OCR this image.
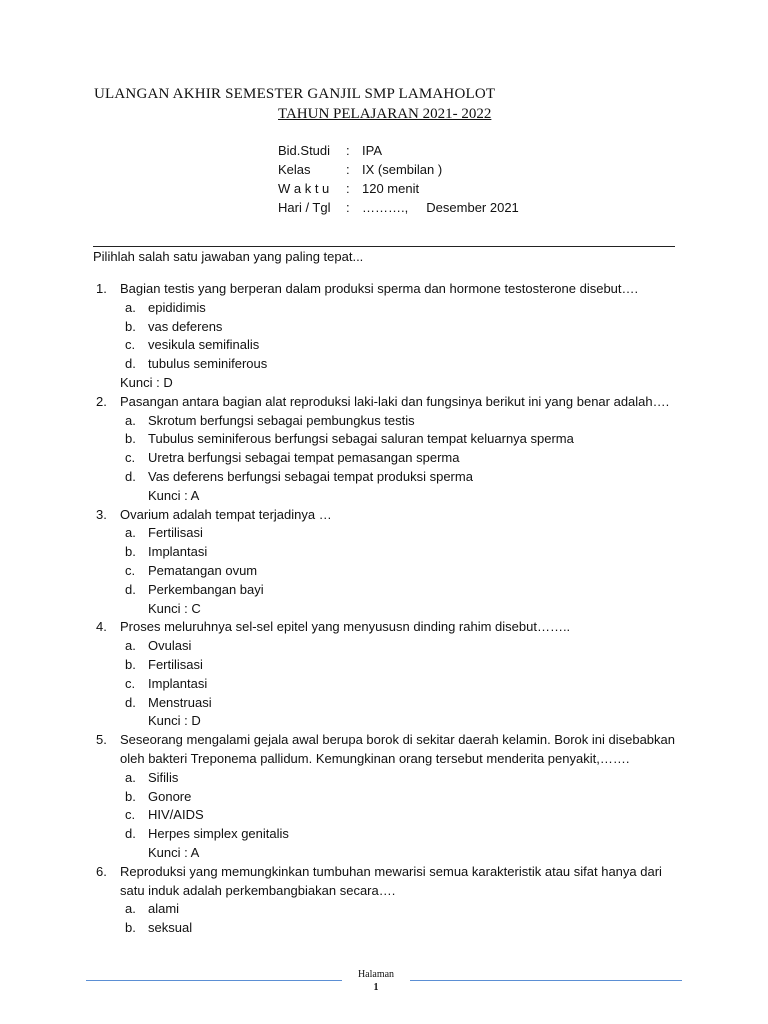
ULANGAN AKHIR SEMESTER GANJIL SMP LAMAHOLOT
TAHUN PELAJARAN 2021- 2022
Bid.Studi	: IPA
Kelas	: IX (sembilan )
W a k t u	: 120 menit
Hari / Tgl	: ……….,     Desember 2021
Pilihlah salah satu jawaban yang paling tepat...
1. Bagian testis yang berperan dalam produksi sperma dan hormone testosterone disebut….
a. epididimis
b. vas deferens
c. vesikula semifinalis
d. tubulus seminiferous
Kunci : D
2. Pasangan antara bagian alat reproduksi laki-laki dan fungsinya berikut ini yang benar adalah….
a. Skrotum berfungsi sebagai pembungkus testis
b. Tubulus seminiferous berfungsi sebagai saluran tempat keluarnya sperma
c. Uretra berfungsi sebagai tempat pemasangan sperma
d. Vas deferens berfungsi sebagai tempat produksi sperma
Kunci : A
3. Ovarium adalah tempat terjadinya …
a. Fertilisasi
b. Implantasi
c. Pematangan ovum
d. Perkembangan bayi
Kunci : C
4. Proses meluruhnya sel-sel epitel yang menyususn dinding rahim disebut……..
a. Ovulasi
b. Fertilisasi
c. Implantasi
d. Menstruasi
Kunci : D
5. Seseorang mengalami gejala awal berupa borok di sekitar daerah kelamin. Borok ini disebabkan oleh bakteri Treponema pallidum. Kemungkinan orang tersebut menderita penyakit,…….
a. Sifilis
b. Gonore
c. HIV/AIDS
d. Herpes simplex genitalis
Kunci : A
6. Reproduksi yang memungkinkan tumbuhan mewarisi semua karakteristik atau sifat hanya dari satu induk adalah perkembangbiakan secara….
a. alami
b. seksual
Halaman
1
